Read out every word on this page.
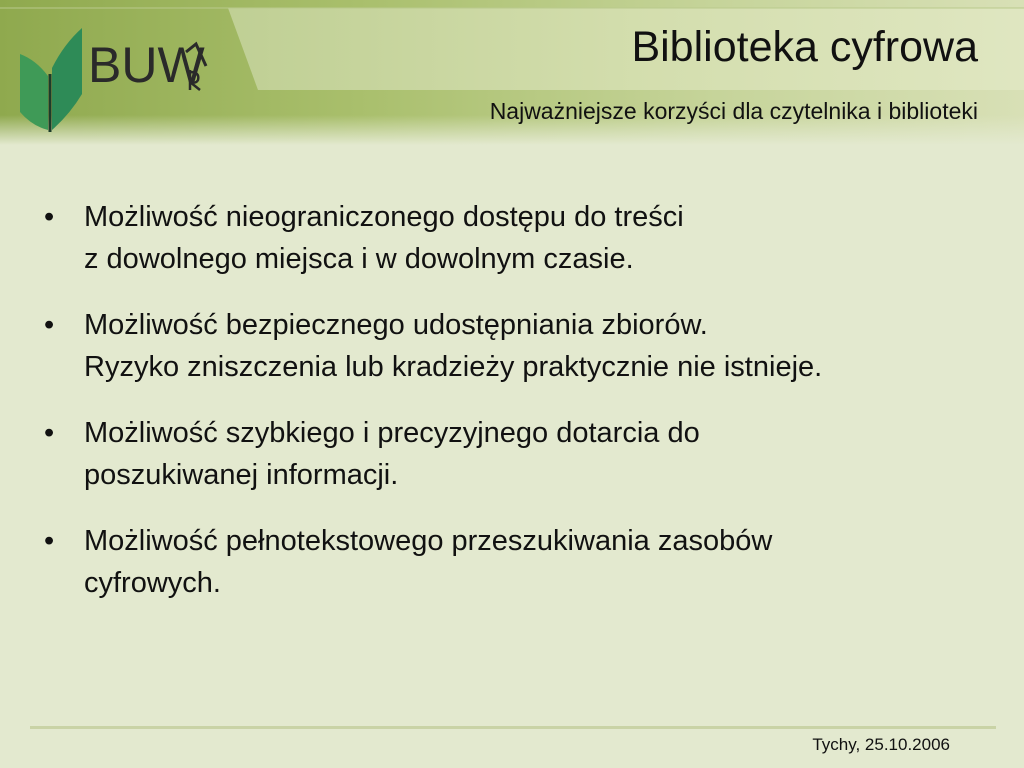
BUW	Biblioteka cyfrowa
Najważniejsze korzyści dla czytelnika i biblioteki
• Możliwość nieograniczonego dostępu do treści
z dowolnego miejsca i w dowolnym czasie.
• Możliwość bezpiecznego udostępniania zbiorów.
Ryzyko zniszczenia lub kradzieży praktycznie nie istnieje.
• Możliwość szybkiego i precyzyjnego dotarcia do
poszukiwanej informacji.
• Możliwość pełnotekstowego przeszukiwania zasobów
cyfrowych.
Tychy, 25.10.2006
